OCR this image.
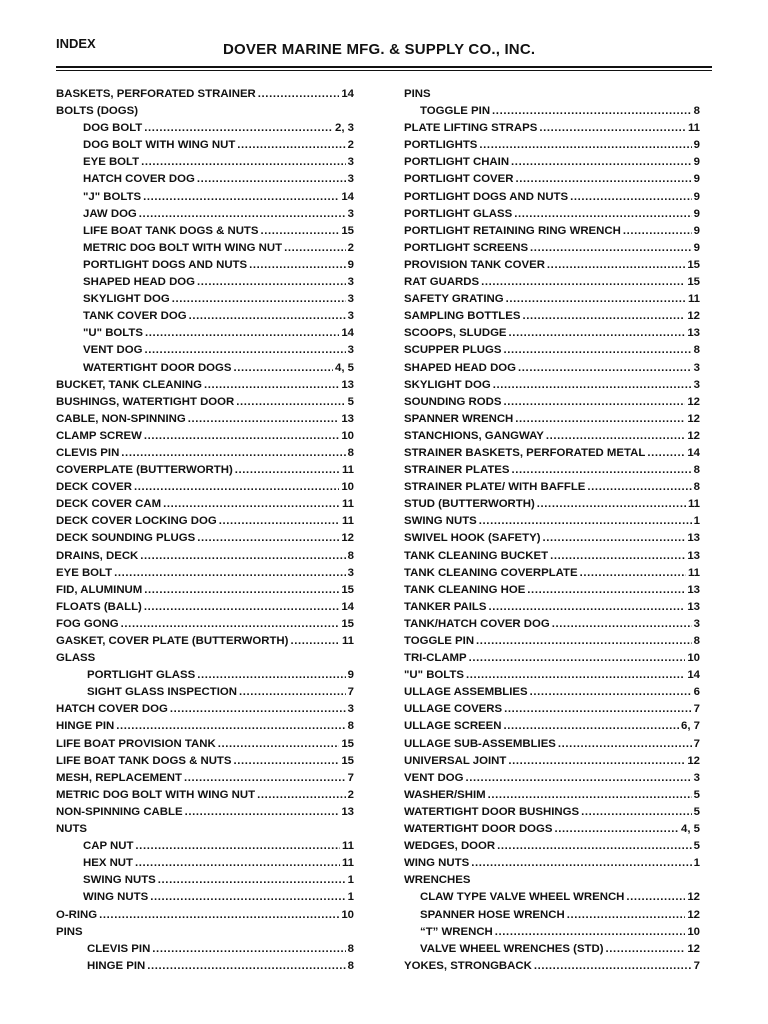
INDEX	DOVER MARINE MFG. & SUPPLY CO., INC.
BASKETS, PERFORATED STRAINER .....	14
BOLTS (DOGS)
DOG BOLT .....	2, 3
DOG BOLT WITH WING NUT .....	2
EYE BOLT .....	3
HATCH COVER DOG .....	3
"J" BOLTS .....	14
JAW DOG .....	3
LIFE BOAT TANK DOGS & NUTS .....	15
METRIC DOG BOLT WITH WING NUT .....	2
PORTLIGHT DOGS AND NUTS .....	9
SHAPED HEAD DOG .....	3
SKYLIGHT DOG .....	3
TANK COVER DOG .....	3
"U" BOLTS .....	14
VENT DOG .....	3
WATERTIGHT DOOR DOGS .....	4, 5
BUCKET, TANK CLEANING .....	13
BUSHINGS, WATERTIGHT DOOR .....	5
CABLE, NON-SPINNING .....	13
CLAMP SCREW .....	10
CLEVIS PIN .....	8
COVERPLATE (BUTTERWORTH) .....	11
DECK COVER .....	10
DECK COVER CAM .....	11
DECK COVER LOCKING DOG .....	11
DECK SOUNDING PLUGS .....	12
DRAINS, DECK .....	8
EYE BOLT .....	3
FID, ALUMINUM .....	15
FLOATS (BALL) .....	14
FOG GONG .....	15
GASKET, COVER PLATE (BUTTERWORTH) .....	11
GLASS
PORTLIGHT GLASS .....	9
SIGHT GLASS INSPECTION .....	7
HATCH COVER DOG .....	3
HINGE PIN .....	8
LIFE BOAT PROVISION TANK .....	15
LIFE BOAT TANK DOGS & NUTS .....	15
MESH, REPLACEMENT .....	7
METRIC DOG BOLT WITH WING NUT .....	2
NON-SPINNING CABLE .....	13
NUTS
CAP NUT .....	11
HEX NUT .....	11
SWING NUTS .....	1
WING NUTS .....	1
O-RING .....	10
PINS
CLEVIS PIN .....	8
HINGE PIN .....	8
PINS
TOGGLE PIN .....	8
PLATE LIFTING STRAPS .....	11
PORTLIGHTS .....	9
PORTLIGHT CHAIN .....	9
PORTLIGHT COVER .....	9
PORTLIGHT DOGS AND NUTS .....	9
PORTLIGHT GLASS .....	9
PORTLIGHT RETAINING RING WRENCH .....	9
PORTLIGHT SCREENS .....	9
PROVISION TANK COVER .....	15
RAT GUARDS .....	15
SAFETY GRATING .....	11
SAMPLING BOTTLES .....	12
SCOOPS, SLUDGE .....	13
SCUPPER PLUGS .....	8
SHAPED HEAD DOG .....	3
SKYLIGHT DOG .....	3
SOUNDING RODS .....	12
SPANNER WRENCH .....	12
STANCHIONS, GANGWAY .....	12
STRAINER BASKETS, PERFORATED METAL .....	14
STRAINER PLATES .....	8
STRAINER PLATE/ WITH BAFFLE .....	8
STUD (BUTTERWORTH) .....	11
SWING NUTS .....	1
SWIVEL HOOK (SAFETY) .....	13
TANK CLEANING BUCKET .....	13
TANK CLEANING COVERPLATE .....	11
TANK CLEANING HOE .....	13
TANKER PAILS .....	13
TANK/HATCH COVER DOG .....	3
TOGGLE PIN .....	8
TRI-CLAMP .....	10
"U" BOLTS .....	14
ULLAGE ASSEMBLIES .....	6
ULLAGE COVERS .....	7
ULLAGE SCREEN .....	6, 7
ULLAGE SUB-ASSEMBLIES .....	7
UNIVERSAL JOINT .....	12
VENT DOG .....	3
WASHER/SHIM .....	5
WATERTIGHT DOOR BUSHINGS .....	5
WATERTIGHT DOOR DOGS .....	4, 5
WEDGES, DOOR .....	5
WING NUTS .....	1
WRENCHES
CLAW TYPE VALVE WHEEL WRENCH .....	12
SPANNER HOSE WRENCH .....	12
“T” WRENCH .....	10
VALVE WHEEL WRENCHES (STD) .....	12
YOKES, STRONGBACK .....	7
